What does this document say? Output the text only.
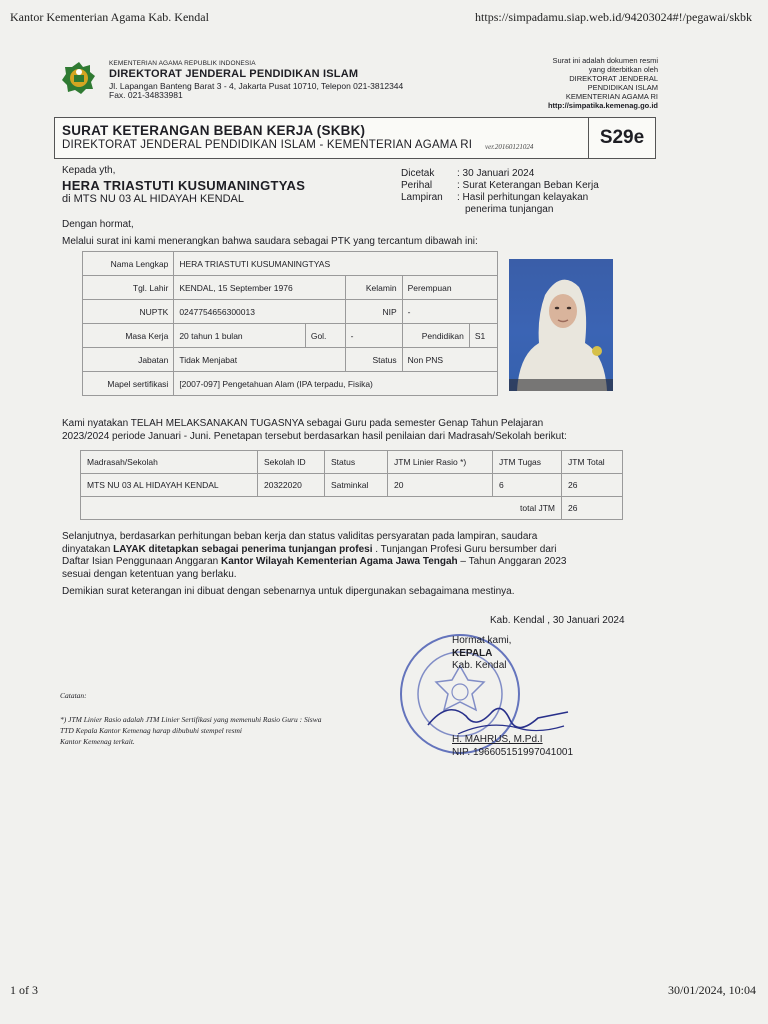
Kantor Kementerian Agama Kab. Kendal	https://simpadamu.siap.web.id/94203024#!/pegawai/skbk
KEMENTERIAN AGAMA REPUBLIK INDONESIA
DIREKTORAT JENDERAL PENDIDIKAN ISLAM
Jl. Lapangan Banteng Barat 3 - 4, Jakarta Pusat 10710, Telepon 021-3812344
Fax. 021-34833981
Surat ini adalah dokumen resmi
yang diterbitkan oleh
DIREKTORAT JENDERAL
PENDIDIKAN ISLAM
KEMENTERIAN AGAMA RI
http://simpatika.kemenag.go.id
SURAT KETERANGAN BEBAN KERJA (SKBK)
DIREKTORAT JENDERAL PENDIDIKAN ISLAM - KEMENTERIAN AGAMA RI ver.20160121024	S29e
Kepada yth,
HERA TRIASTUTI KUSUMANINGTYAS
di MTS NU 03 AL HIDAYAH KENDAL
Dicetak	: 30 Januari 2024
Perihal	: Surat Keterangan Beban Kerja
Lampiran	: Hasil perhitungan kelayakan
penerima tunjangan
Dengan hormat,
Melalui surat ini kami menerangkan bahwa saudara sebagai PTK yang tercantum dibawah ini:
Nama Lengkap	HERA TRIASTUTI KUSUMANINGTYAS				
Tgl. Lahir	KENDAL, 15 September 1976		Kelamin	Perempuan	
NUPTK	0247754656300013		NIP	-	
Masa Kerja	20 tahun 1 bulan	Gol.	-	Pendidikan	S1
Jabatan	Tidak Menjabat		Status	Non PNS	
Mapel sertifikasi	[2007-097] Pengetahuan Alam (IPA terpadu, Fisika)				
Kami nyatakan TELAH MELAKSANAKAN TUGASNYA sebagai Guru pada semester Genap Tahun Pelajaran
2023/2024 periode Januari - Juni. Penetapan tersebut berdasarkan hasil penilaian dari Madrasah/Sekolah berikut:
Madrasah/Sekolah	Sekolah ID	Status	JTM Linier Rasio *)	JTM Tugas	JTM Total
MTS NU 03 AL HIDAYAH KENDAL	20322020	Satminkal	20	6	26
total JTM					26
Selanjutnya, berdasarkan perhitungan beban kerja dan status validitas persyaratan pada lampiran, saudara
dinyatakan LAYAK ditetapkan sebagai penerima tunjangan profesi . Tunjangan Profesi Guru bersumber dari
Daftar Isian Penggunaan Anggaran Kantor Wilayah Kementerian Agama Jawa Tengah – Tahun Anggaran 2023
sesuai dengan ketentuan yang berlaku.
Demikian surat keterangan ini dibuat dengan sebenarnya untuk dipergunakan sebagaimana mestinya.
Kab. Kendal , 30 Januari 2024
Hormat kami,
KEPALA
Kab. Kendal
H. MAHRUS, M.Pd.I
NIP. 196605151997041001
Catatan:
*) JTM Linier Rasio adalah JTM Linier Sertifikasi yang memenuhi Rasio Guru : Siswa
TTD Kepala Kantor Kemenag harap dibubuhi stempel resmi
Kantor Kemenag terkait.
1 of 3	30/01/2024, 10:04
